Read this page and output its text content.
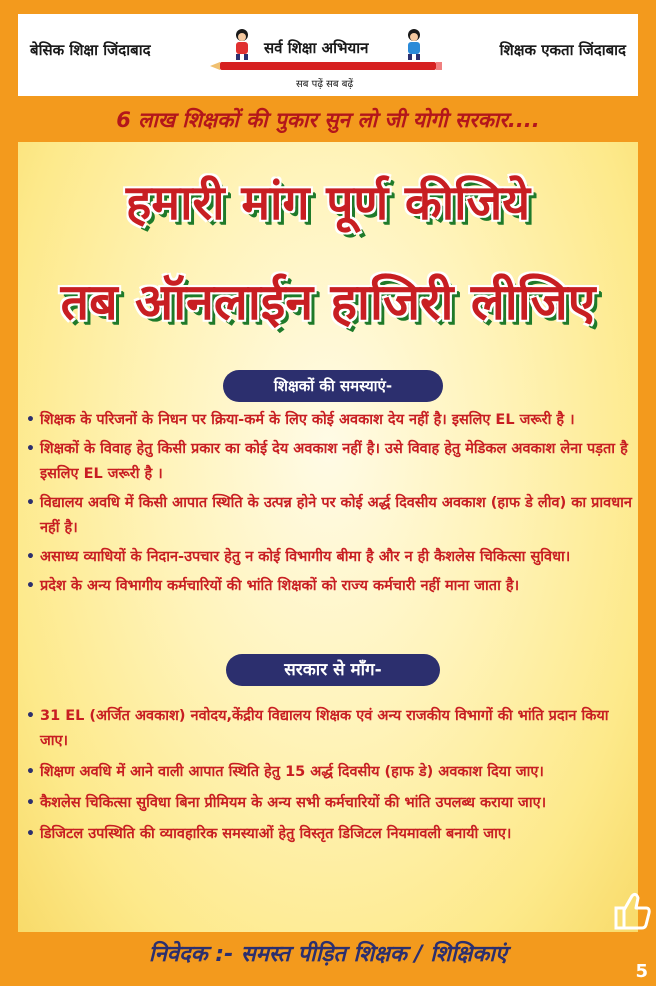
बेसिक शिक्षा जिंदाबाद	सर्व शिक्षा अभियान
सब पढ़ें सब बढ़ें
शिक्षक एकता जिंदाबाद
6 लाख शिक्षकों की पुकार सुन लो जी योगी सरकार....
हमारी मांग पूर्ण कीजिये
तब ऑनलाईन हाजिरी लीजिए
शिक्षकों की समस्याएं-
• शिक्षक के परिजनों के निधन पर क्रिया-कर्म के लिए कोई अवकाश देय नहीं है। इसलिए EL जरूरी है ।
• शिक्षकों के विवाह हेतु किसी प्रकार का कोई देय अवकाश नहीं है। उसे विवाह हेतु मेडिकल अवकाश लेना पड़ता है इसलिए EL जरूरी है ।
• विद्यालय अवधि में किसी आपात स्थिति के उत्पन्न होने पर कोई अर्द्ध दिवसीय अवकाश (हाफ डे लीव) का प्रावधान नहीं है।
• असाध्य व्याधियों के निदान-उपचार हेतु न कोई विभागीय बीमा है और न ही कैशलेस चिकित्सा सुविधा।
• प्रदेश के अन्य विभागीय कर्मचारियों की भांति शिक्षकों को राज्य कर्मचारी नहीं माना जाता है।
सरकार से माँग-
• 31 EL (अर्जित अवकाश) नवोदय,केंद्रीय विद्यालय शिक्षक एवं अन्य राजकीय विभागों की भांति प्रदान किया जाए।
• शिक्षण अवधि में आने वाली आपात स्थिति हेतु 15 अर्द्ध दिवसीय (हाफ डे) अवकाश दिया जाए।
• कैशलेस चिकित्सा सुविधा बिना प्रीमियम के अन्य सभी कर्मचारियों की भांति उपलब्ध कराया जाए।
• डिजिटल उपस्थिति की व्यावहारिक समस्याओं हेतु विस्तृत डिजिटल नियमावली बनायी जाए।
निवेदक :- समस्त पीड़ित शिक्षक / शिक्षिकाएं
5
